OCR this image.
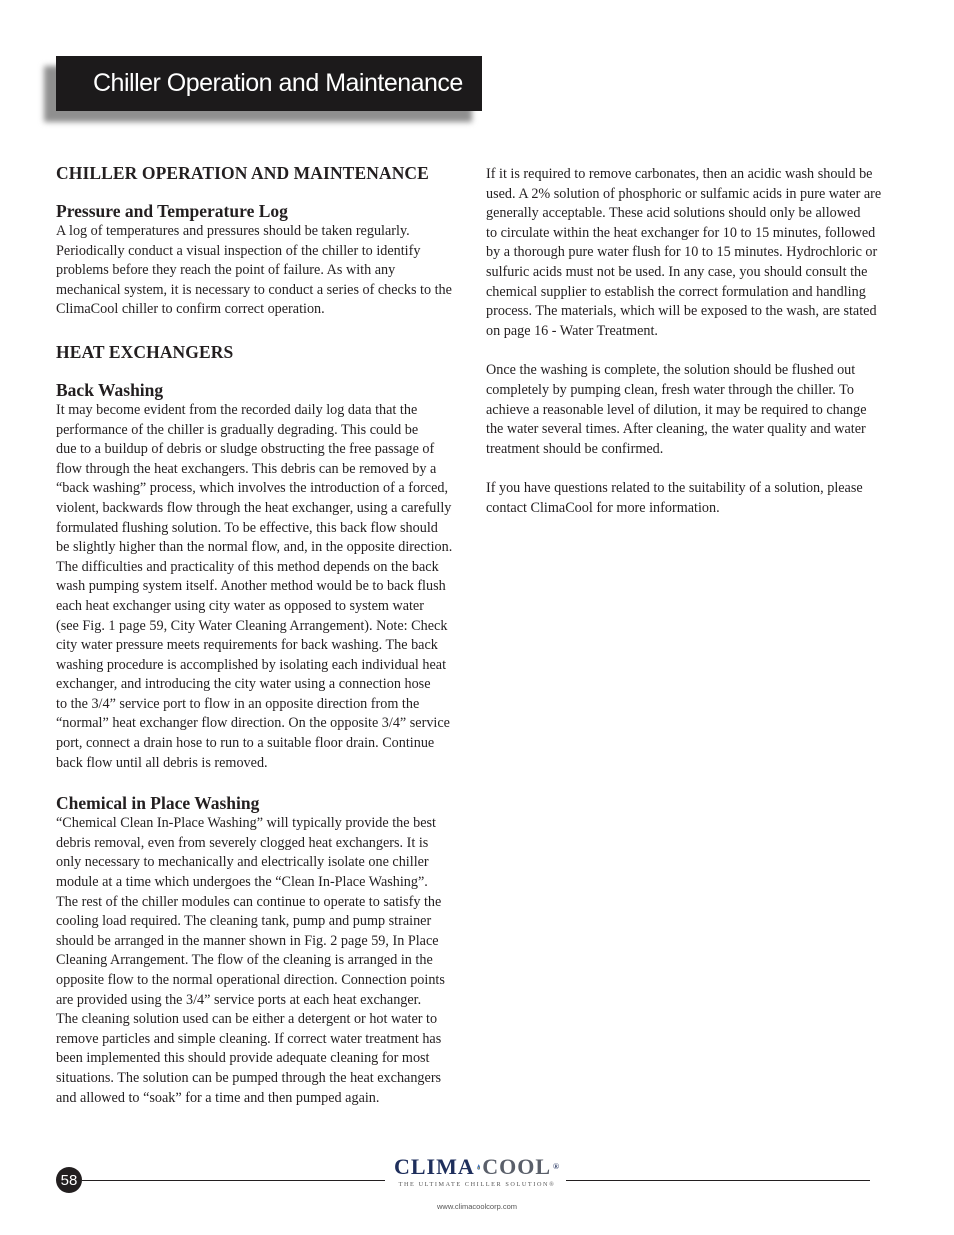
Chiller Operation and Maintenance
CHILLER OPERATION AND MAINTENANCE
Pressure and Temperature Log

A log of temperatures and pressures should be taken regularly.
Periodically conduct a visual inspection of the chiller to identify
problems before they reach the point of failure. As with any
mechanical system, it is necessary to conduct a series of checks to the
ClimaCool chiller to confirm correct operation.

HEAT EXCHANGERS
Back Washing

It may become evident from the recorded daily log data that the
performance of the chiller is gradually degrading. This could be
due to a buildup of debris or sludge obstructing the free passage of
flow through the heat exchangers. This debris can be removed by a
“back washing” process, which involves the introduction of a forced,
violent, backwards flow through the heat exchanger, using a carefully
formulated flushing solution. To be effective, this back flow should
be slightly higher than the normal flow, and, in the opposite direction.
The difficulties and practicality of this method depends on the back
wash pumping system itself. Another method would be to back flush
each heat exchanger using city water as opposed to system water
(see Fig. 1 page 59, City Water Cleaning Arrangement). Note: Check
city water pressure meets requirements for back washing. The back
washing procedure is accomplished by isolating each individual heat
exchanger, and introducing the city water using a connection hose
to the 3/4” service port to flow in an opposite direction from the
“normal” heat exchanger flow direction. On the opposite 3/4” service
port, connect a drain hose to run to a suitable floor drain. Continue
back flow until all debris is removed.

Chemical in Place Washing

“Chemical Clean In-Place Washing” will typically provide the best
debris removal, even from severely clogged heat exchangers. It is
only necessary to mechanically and electrically isolate one chiller
module at a time which undergoes the “Clean In-Place Washing”.
The rest of the chiller modules can continue to operate to satisfy the
cooling load required. The cleaning tank, pump and pump strainer
should be arranged in the manner shown in Fig. 2 page 59, In Place
Cleaning Arrangement. The flow of the cleaning is arranged in the
opposite flow to the normal operational direction. Connection points
are provided using the 3/4” service ports at each heat exchanger.
The cleaning solution used can be either a detergent or hot water to
remove particles and simple cleaning. If correct water treatment has
been implemented this should provide adequate cleaning for most
situations. The solution can be pumped through the heat exchangers
and allowed to “soak” for a time and then pumped again.

If it is required to remove carbonates, then an acidic wash should be
used. A 2% solution of phosphoric or sulfamic acids in pure water are
generally acceptable. These acid solutions should only be allowed
to circulate within the heat exchanger for 10 to 15 minutes, followed
by a thorough pure water flush for 10 to 15 minutes. Hydrochloric or
sulfuric acids must not be used. In any case, you should consult the
chemical supplier to establish the correct formulation and handling
process. The materials, which will be exposed to the wash, are stated
on page 16 - Water Treatment.

Once the washing is complete, the solution should be flushed out
completely by pumping clean, fresh water through the chiller. To
achieve a reasonable level of dilution, it may be required to change
the water several times. After cleaning, the water quality and water
treatment should be confirmed.

If you have questions related to the suitability of a solution, please
contact ClimaCool for more information.

58
CLIMA COOL ®
THE ULTIMATE CHILLER SOLUTION®
www.climacoolcorp.com
